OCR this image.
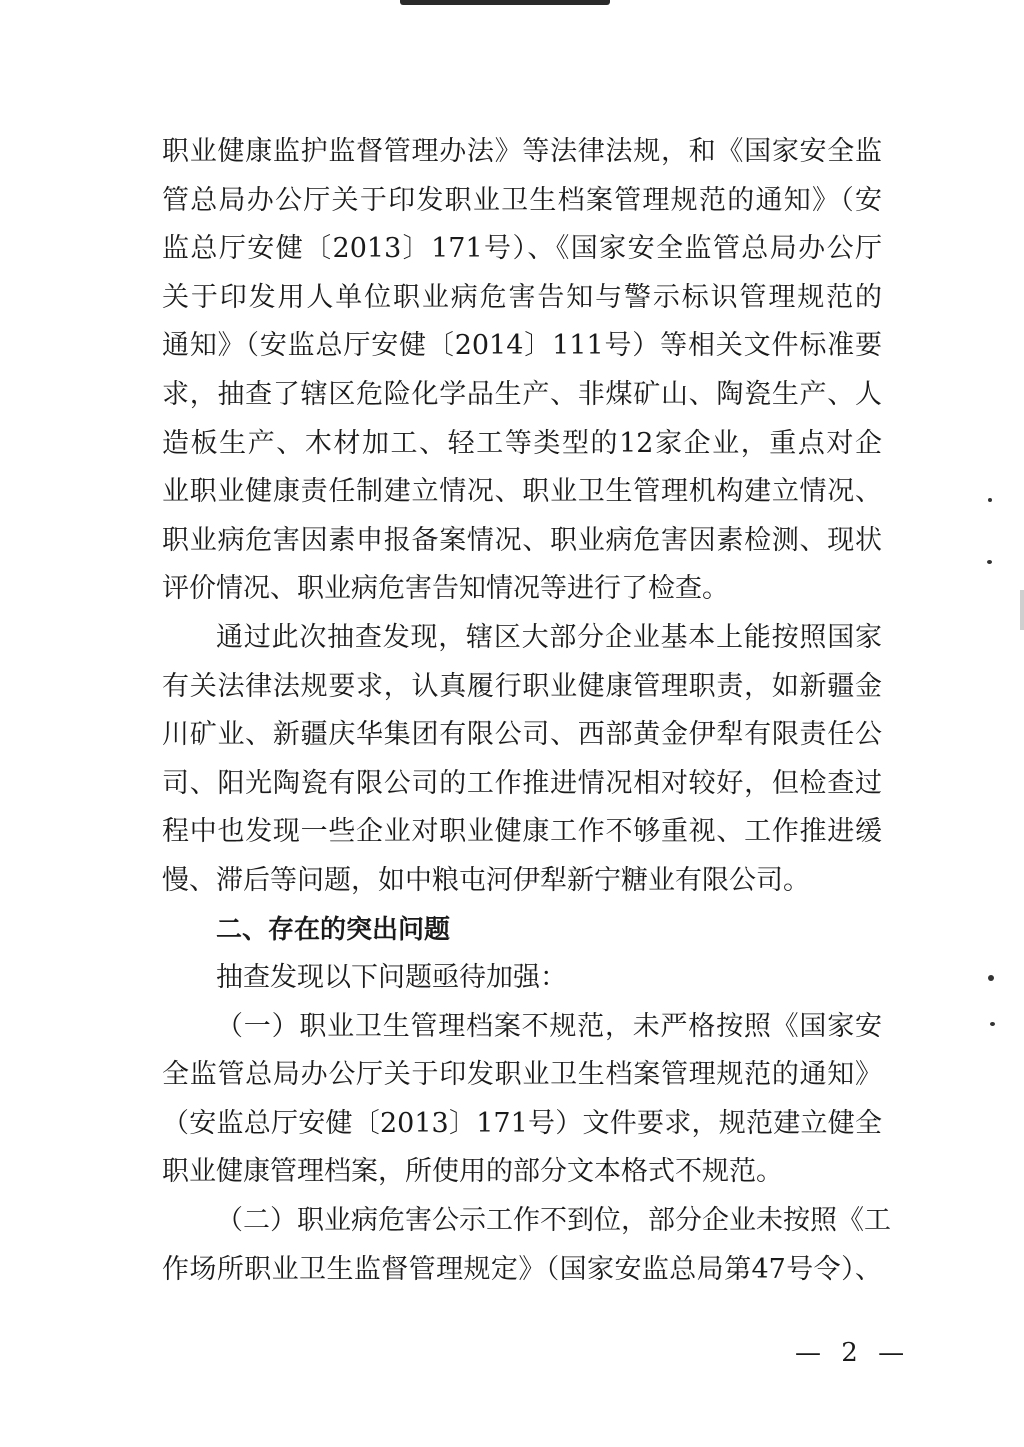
职业健康监护监督管理办法》等法律法规，和《国家安全监
管总局办公厅关于印发职业卫生档案管理规范的通知》（安
监总厅安健〔2013〕171号）、《国家安全监管总局办公厅
关于印发用人单位职业病危害告知与警示标识管理规范的
通知》（安监总厅安健〔2014〕111号）等相关文件标准要
求，抽查了辖区危险化学品生产、非煤矿山、陶瓷生产、人
造板生产、木材加工、轻工等类型的12家企业，重点对企
业职业健康责任制建立情况、职业卫生管理机构建立情况、
职业病危害因素申报备案情况、职业病危害因素检测、现状
评价情况、职业病危害告知情况等进行了检查。
通过此次抽查发现，辖区大部分企业基本上能按照国家
有关法律法规要求，认真履行职业健康管理职责，如新疆金
川矿业、新疆庆华集团有限公司、西部黄金伊犁有限责任公
司、阳光陶瓷有限公司的工作推进情况相对较好，但检查过
程中也发现一些企业对职业健康工作不够重视、工作推进缓
慢、滞后等问题，如中粮屯河伊犁新宁糖业有限公司。
二、存在的突出问题
抽查发现以下问题亟待加强：
（一）职业卫生管理档案不规范，未严格按照《国家安
全监管总局办公厅关于印发职业卫生档案管理规范的通知》
（安监总厅安健〔2013〕171号）文件要求，规范建立健全
职业健康管理档案，所使用的部分文本格式不规范。
（二）职业病危害公示工作不到位，部分企业未按照《工
作场所职业卫生监督管理规定》（国家安监总局第47号令）、
— 2 —
